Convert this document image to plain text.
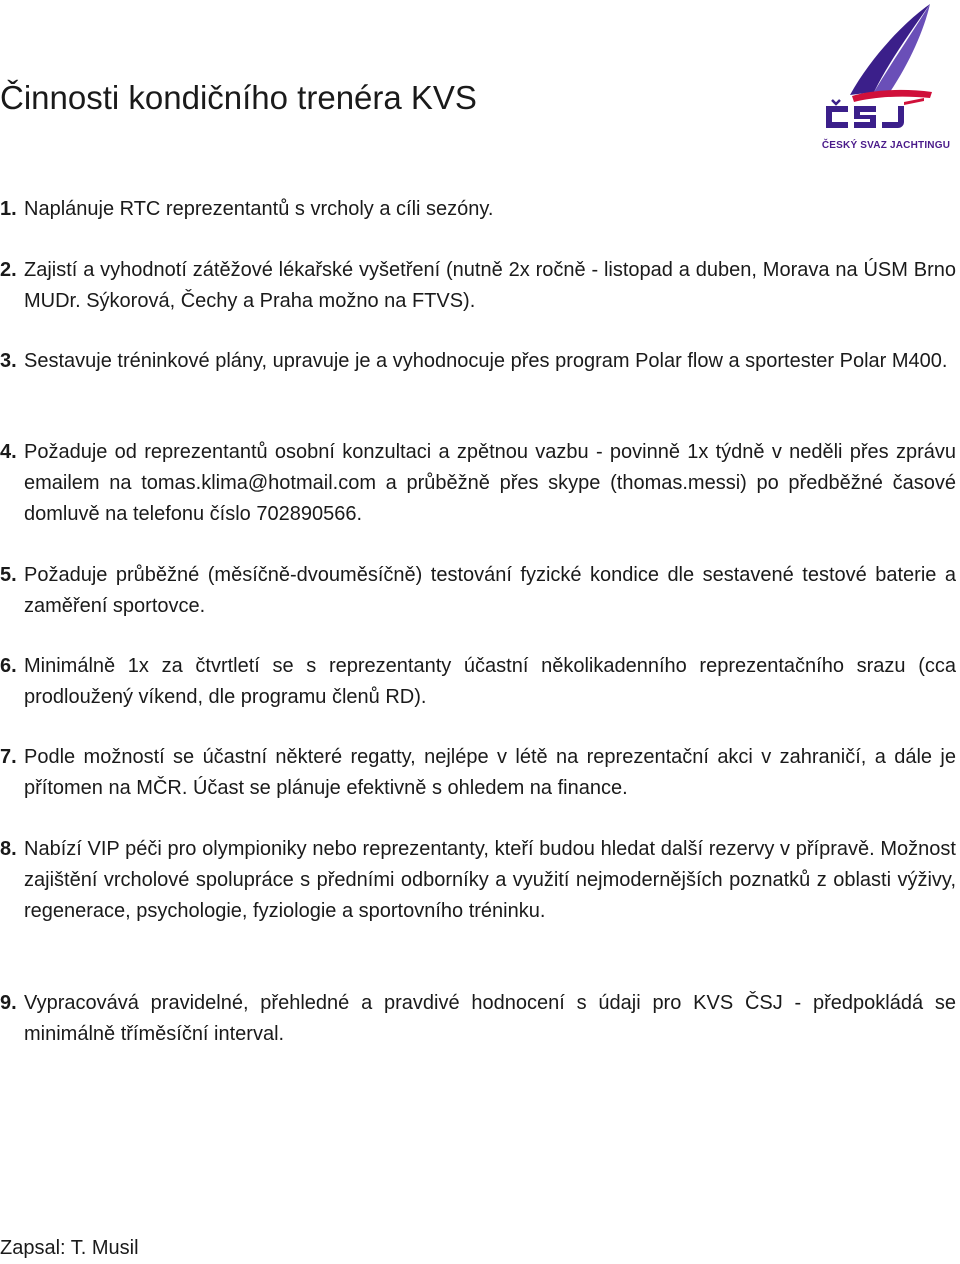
Činnosti kondičního trenéra KVS
ČESKÝ SVAZ JACHTINGU
1. Naplánuje RTC reprezentantů s vrcholy a cíli sezóny.
2. Zajistí a vyhodnotí zátěžové lékařské vyšetření (nutně 2x ročně - listopad a duben, Morava na ÚSM Brno MUDr. Sýkorová, Čechy a Praha možno na FTVS).
3. Sestavuje tréninkové plány, upravuje je a vyhodnocuje přes program Polar flow a sportester Polar M400.
4. Požaduje od reprezentantů osobní konzultaci a zpětnou vazbu - povinně 1x týdně v neděli přes zprávu emailem na tomas.klima@hotmail.com a průběžně přes skype (thomas.messi) po předběžné časové domluvě na telefonu číslo 702890566.
5. Požaduje průběžné (měsíčně-dvouměsíčně) testování fyzické kondice dle sestavené testové baterie a zaměření sportovce.
6. Minimálně 1x za čtvrtletí se s reprezentanty účastní několikadenního reprezentačního srazu (cca prodloužený víkend, dle programu členů RD).
7. Podle možností se účastní některé regatty, nejlépe v létě na reprezentační akci v zahraničí, a dále je přítomen na MČR. Účast se plánuje efektivně s ohledem na finance.
8. Nabízí VIP péči pro olympioniky nebo reprezentanty, kteří budou hledat další rezervy v přípravě. Možnost zajištění vrcholové spolupráce s předními odborníky a využití nejmodernějších poznatků z oblasti výživy, regenerace, psychologie, fyziologie a sportovního tréninku.
9. Vypracovává pravidelné, přehledné a pravdivé hodnocení s údaji pro KVS ČSJ - předpokládá se minimálně tříměsíční interval.
Zapsal: T. Musil
